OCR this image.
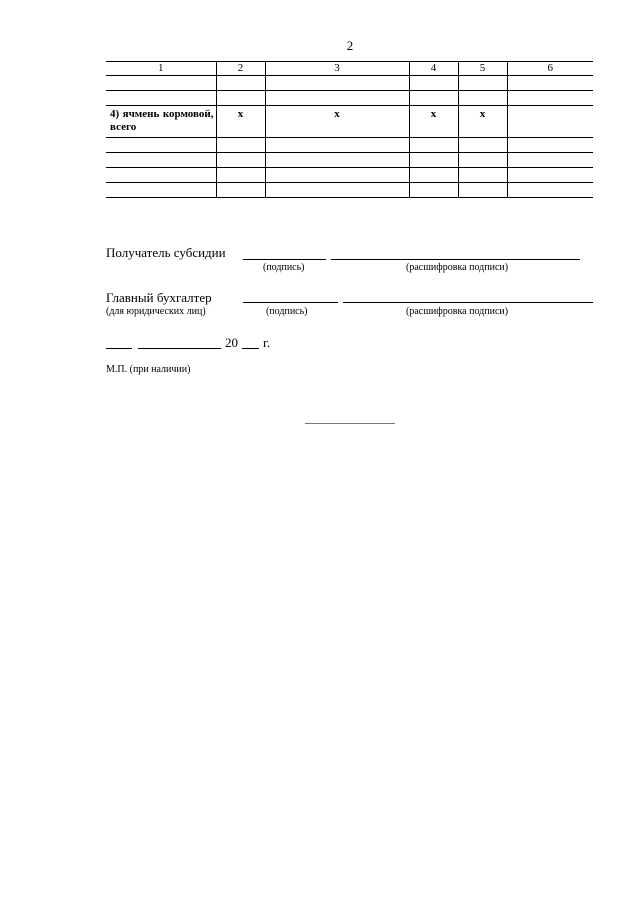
2
1	2	3	4	5	6

4) ячмень кормовой, всего	x	x	x	x	

Получатель субсидии
(подпись)	(расшифровка подписи)
Главный бухгалтер
(для юридических лиц)	(подпись)	(расшифровка подписи)
20 г.
М.П. (при наличии)
